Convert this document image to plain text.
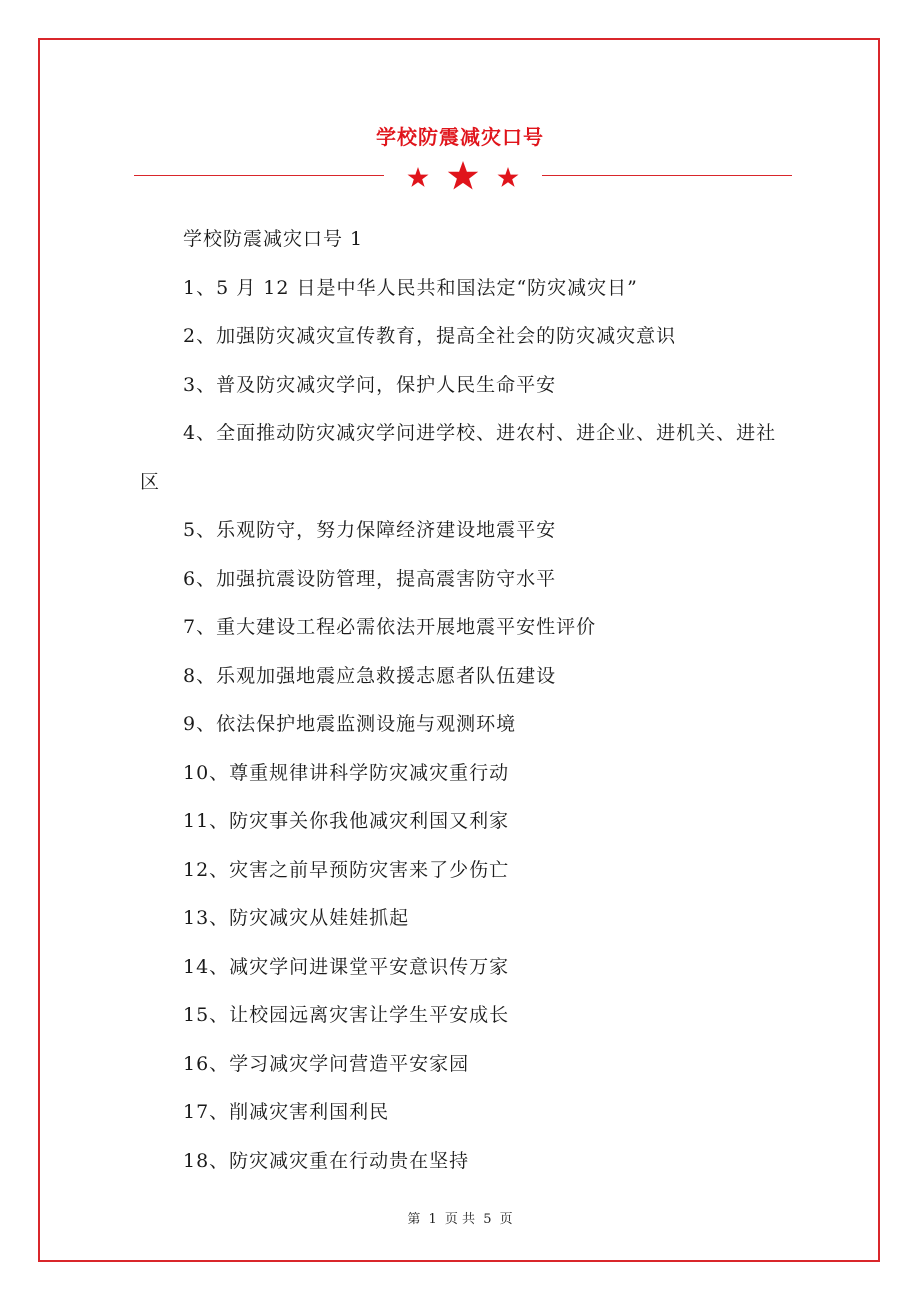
学校防震减灾口号

学校防震减灾口号 1

1、5 月 12 日是中华人民共和国法定“防灾减灾日”

2、加强防灾减灾宣传教育，提高全社会的防灾减灾意识

3、普及防灾减灾学问，保护人民生命平安

4、全面推动防灾减灾学问进学校、进农村、进企业、进机关、进社区

5、乐观防守，努力保障经济建设地震平安

6、加强抗震设防管理，提高震害防守水平

7、重大建设工程必需依法开展地震平安性评价

8、乐观加强地震应急救援志愿者队伍建设

9、依法保护地震监测设施与观测环境

10、尊重规律讲科学防灾减灾重行动

11、防灾事关你我他减灾利国又利家

12、灾害之前早预防灾害来了少伤亡

13、防灾减灾从娃娃抓起

14、减灾学问进课堂平安意识传万家

15、让校园远离灾害让学生平安成长

16、学习减灾学问营造平安家园

17、削减灾害利国利民

18、防灾减灾重在行动贵在坚持

第 1 页 共 5 页
